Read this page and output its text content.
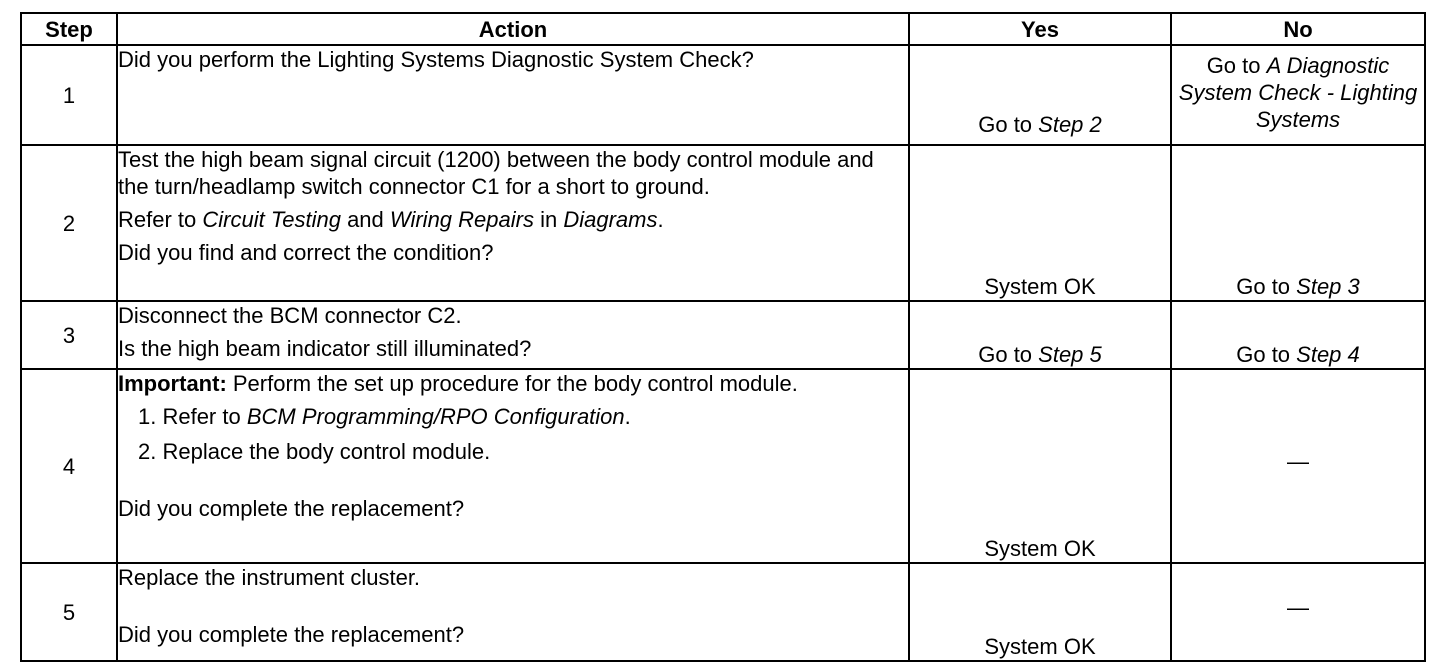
Step	Action	Yes	No
1	Did you perform the Lighting Systems Diagnostic System Check?	Go to Step 2	Go to A Diagnostic System Check - Lighting Systems
2	Test the high beam signal circuit (1200) between the body control module and the turn/headlamp switch connector C1 for a short to ground.
Refer to Circuit Testing and Wiring Repairs in Diagrams.
Did you find and correct the condition?	System OK	Go to Step 3
3	Disconnect the BCM connector C2.
Is the high beam indicator still illuminated?	Go to Step 5	Go to Step 4
4	Important: Perform the set up procedure for the body control module.
1. Refer to BCM Programming/RPO Configuration.
2. Replace the body control module.
Did you complete the replacement?	System OK	—
5	Replace the instrument cluster.
Did you complete the replacement?	System OK	—
